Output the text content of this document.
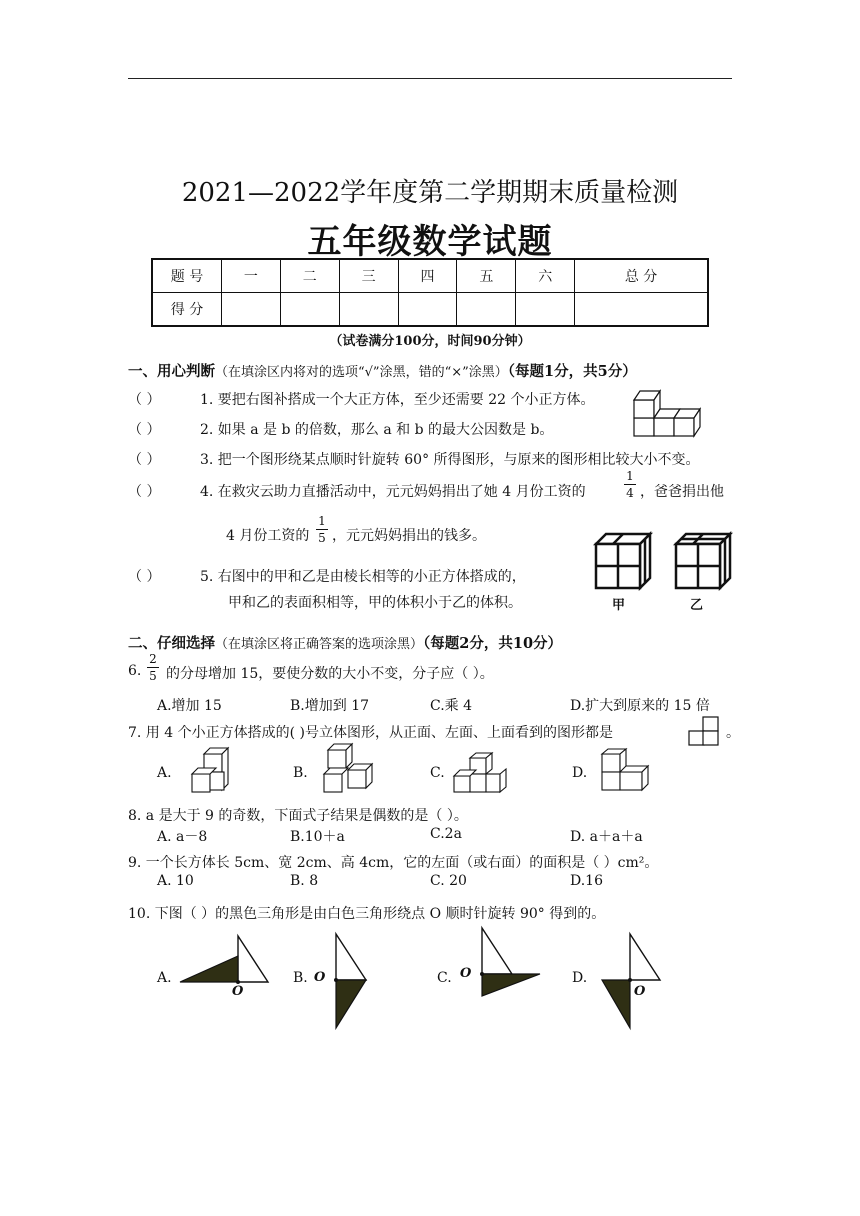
2021—2022学年度第二学期期末质量检测
五年级数学试题
题 号	一	二	三	四	五	六	总 分
得 分							
（试卷满分100分，时间90分钟）
一、用心判断（在填涂区内将对的选项“√”涂黑，错的“×”涂黑）（每题1分，共5分）
（ ）	1. 要把右图补搭成一个大正方体，至少还需要 22 个小正方体。
（ ）	2. 如果 a 是 b 的倍数，那么 a 和 b 的最大公因数是 b。
（ ）	3. 把一个图形绕某点顺时针旋转 60° 所得图形，与原来的图形相比较大小不变。
（ ）	4. 在救灾云助力直播活动中，元元妈妈捐出了她 4 月份工资的
1
4 ，爸爸捐出他
4 月份工资的
1
5 ，元元妈妈捐出的钱多。
（ ）	5. 右图中的甲和乙是由棱长相等的小正方体搭成的，
甲和乙的表面积相等，甲的体积小于乙的体积。	甲	乙
二、仔细选择（在填涂区将正确答案的选项涂黑）（每题2分，共10分）
6.
2
5 的分母增加 15，要使分数的大小不变，分子应（ ）。
A.增加 15	B.增加到 17	C.乘 4	D.扩大到原来的 15 倍
7. 用 4 个小正方体搭成的( )号立体图形，从正面、左面、上面看到的图形都是	。
A.	B.	C.	D.
8. a 是大于 9 的奇数，下面式子结果是偶数的是（ ）。
A. a－8	B.10＋a	C.2a	D. a＋a＋a
9. 一个长方体长 5cm、宽 2cm、高 4cm，它的左面（或右面）的面积是（ ）cm²。
A. 10	B. 8	C. 20	D.16
10. 下图（ ）的黑色三角形是由白色三角形绕点 O 顺时针旋转 90° 得到的。
A.
O
B. O	C. O	D.
O
